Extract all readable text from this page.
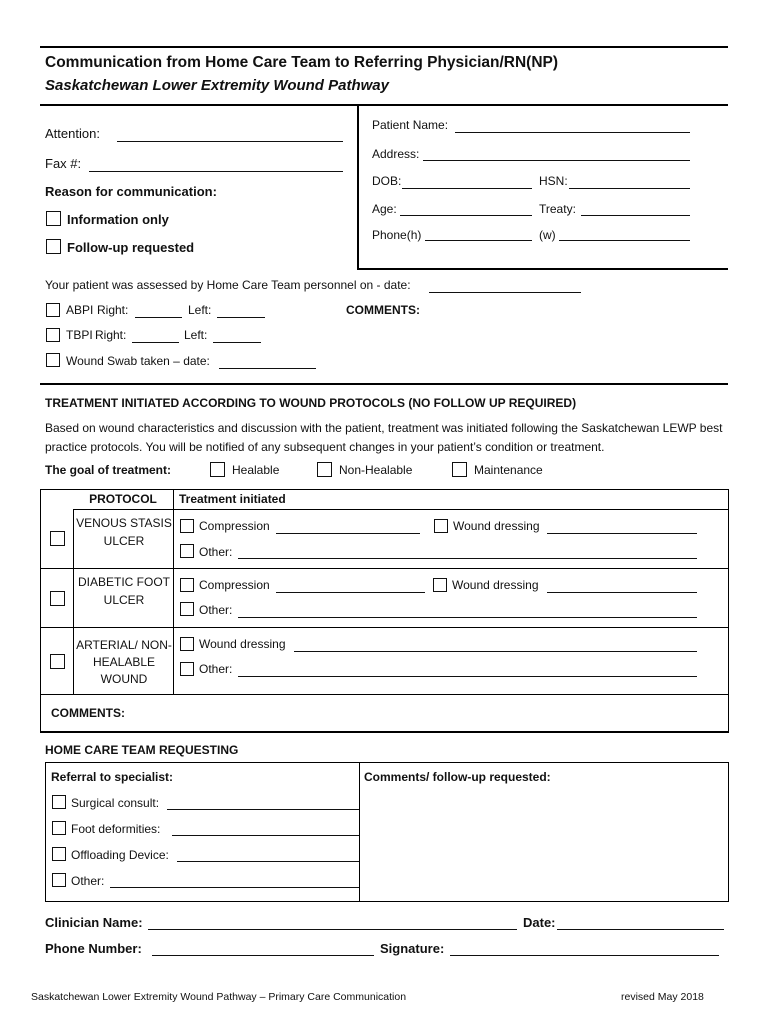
Communication from Home Care Team to Referring Physician/RN(NP)
Saskatchewan Lower Extremity Wound Pathway
Attention:
Fax #:
Reason for communication:
Information only
Follow-up requested
Patient Name:
Address:
DOB:	HSN:
Age:	Treaty:
Phone(h)	(w)
Your patient was assessed by Home Care Team personnel on - date:
ABPI Right:	Left:	COMMENTS:
TBPI Right:	Left:
Wound Swab taken – date:
TREATMENT INITIATED ACCORDING TO WOUND PROTOCOLS (NO FOLLOW UP REQUIRED)
Based on wound characteristics and discussion with the patient, treatment was initiated following the Saskatchewan LEWP best practice protocols. You will be notified of any subsequent changes in your patient’s condition or treatment.
The goal of treatment:	Healable	Non-Healable	Maintenance
PROTOCOL	Treatment initiated
VENOUS STASIS ULCER
Compression	Wound dressing
Other:
DIABETIC FOOT ULCER
Compression	Wound dressing
Other:
ARTERIAL/ NON-HEALABLE WOUND
Wound dressing
Other:
COMMENTS:
HOME CARE TEAM REQUESTING
Referral to specialist:	Comments/ follow-up requested:
Surgical consult:
Foot deformities:
Offloading Device:
Other:
Clinician Name:	Date:
Phone Number:	Signature:
Saskatchewan Lower Extremity Wound Pathway – Primary Care Communication	revised May 2018
